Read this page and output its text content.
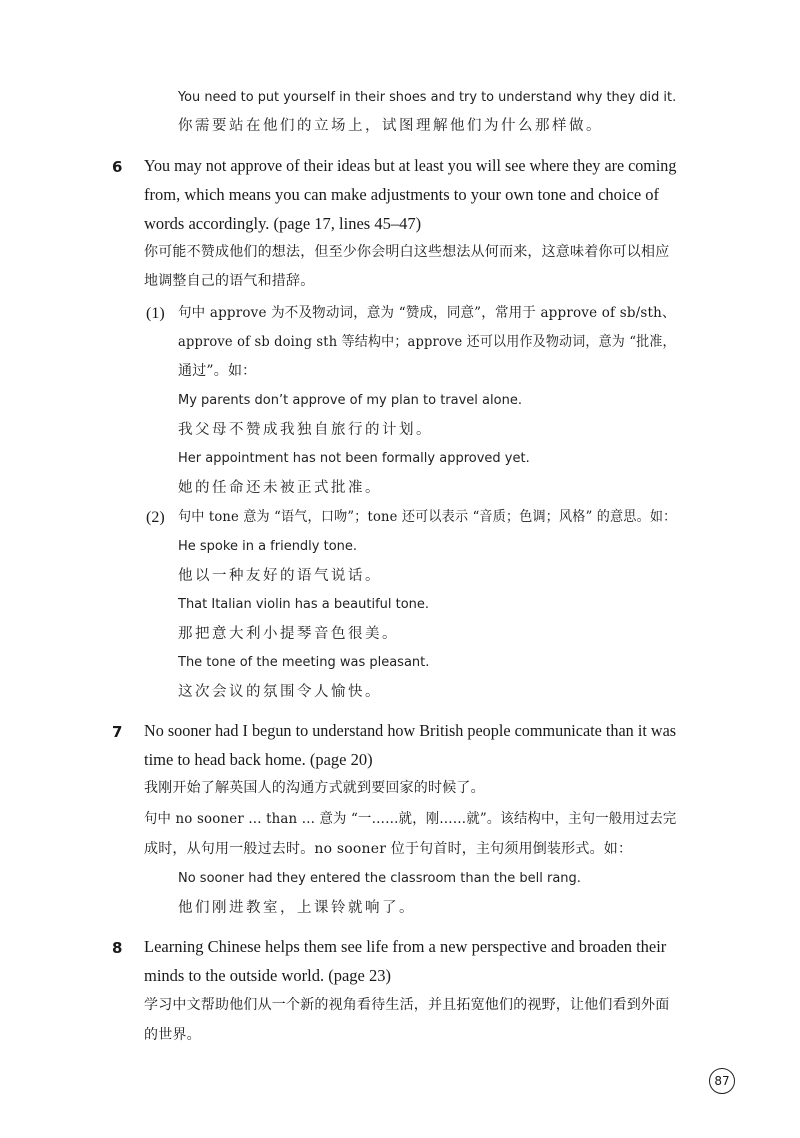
You need to put yourself in their shoes and try to understand why they did it.
你需要站在他们的立场上，试图理解他们为什么那样做。
6 You may not approve of their ideas but at least you will see where they are coming
from, which means you can make adjustments to your own tone and choice of
words accordingly. (page 17, lines 45–47)
你可能不赞成他们的想法，但至少你会明白这些想法从何而来，这意味着你可以相应
地调整自己的语气和措辞。
(1) 句中 approve 为不及物动词，意为 “赞成，同意”，常用于 approve of sb/sth、
approve of sb doing sth 等结构中；approve 还可以用作及物动词，意为 “批准，
通过”。如：
My parents don’t approve of my plan to travel alone.
我父母不赞成我独自旅行的计划。
Her appointment has not been formally approved yet.
她的任命还未被正式批准。
(2) 句中 tone 意为 “语气，口吻”；tone 还可以表示 “音质；色调；风格” 的意思。如：
He spoke in a friendly tone.
他以一种友好的语气说话。
That Italian violin has a beautiful tone.
那把意大利小提琴音色很美。
The tone of the meeting was pleasant.
这次会议的氛围令人愉快。
7 No sooner had I begun to understand how British people communicate than it was
time to head back home. (page 20)
我刚开始了解英国人的沟通方式就到要回家的时候了。
句中 no sooner ... than ... 意为 “一……就，刚……就”。该结构中，主句一般用过去完
成时，从句用一般过去时。no sooner 位于句首时，主句须用倒装形式。如：
No sooner had they entered the classroom than the bell rang.
他们刚进教室，上课铃就响了。
8 Learning Chinese helps them see life from a new perspective and broaden their
minds to the outside world. (page 23)
学习中文帮助他们从一个新的视角看待生活，并且拓宽他们的视野，让他们看到外面
的世界。
87
